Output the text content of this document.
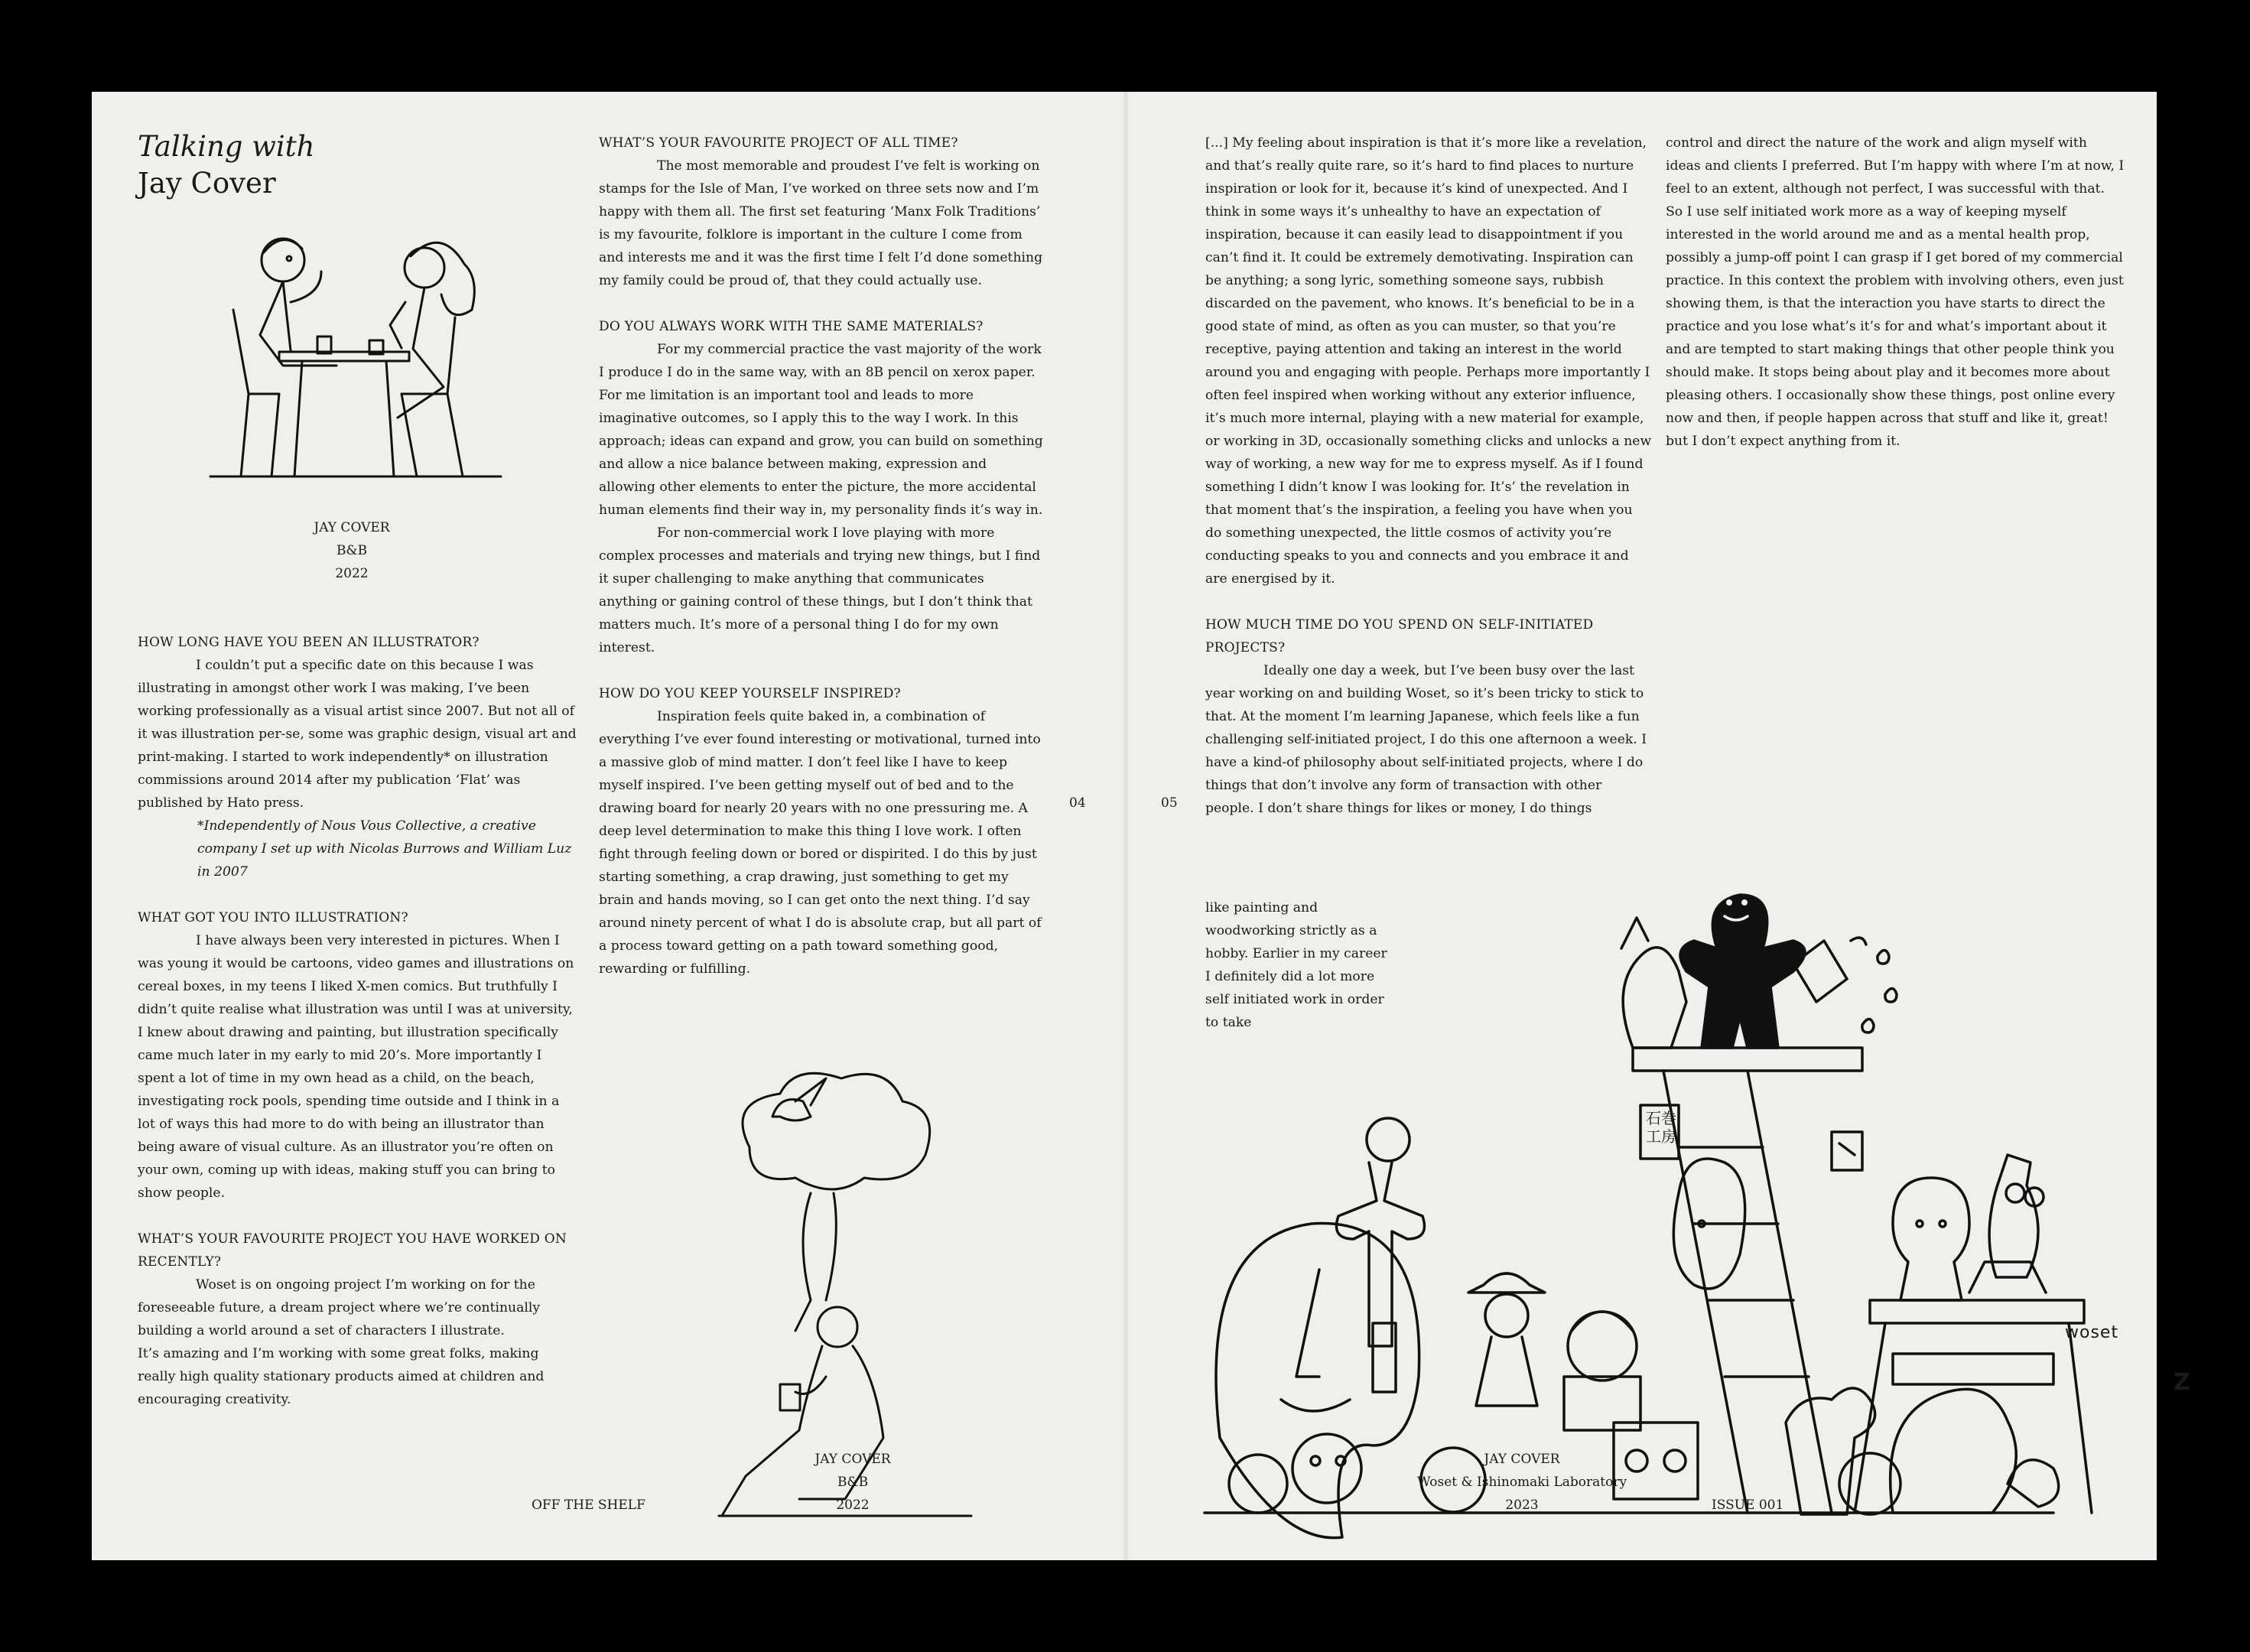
Talking with
Jay Cover
JAY COVER
B&B
2022
HOW LONG HAVE YOU BEEN AN ILLUSTRATOR?

I couldn’t put a specific date on this because I was illustrating in amongst other work I was making, I’ve been working professionally as a visual artist since 2007. But not all of it was illustration per-se, some was graphic design, visual art and print-making. I started to work independently* on illustration commissions around 2014 after my publication ‘Flat’ was published by Hato press.

*Independently of Nous Vous Collective, a creative company I set up with Nicolas Burrows and William Luz in 2007

WHAT GOT YOU INTO ILLUSTRATION?

I have always been very interested in pictures. When I was young it would be cartoons, video games and illustrations on cereal boxes, in my teens I liked X-men comics. But truthfully I didn’t quite realise what illustration was until I was at university, I knew about drawing and painting, but illustration specifically came much later in my early to mid 20’s. More importantly I spent a lot of time in my own head as a child, on the beach, investigating rock pools, spending time outside and I think in a lot of ways this had more to do with being an illustrator than being aware of visual culture. As an illustrator you’re often on your own, coming up with ideas, making stuff you can bring to show people.

WHAT’S YOUR FAVOURITE PROJECT YOU HAVE WORKED ON RECENTLY?

Woset is on ongoing project I’m working on for the foreseeable future, a dream project where we’re continually building a world around a set of characters I illustrate.

It’s amazing and I’m working with some great folks, making really high quality stationary products aimed at children and encouraging creativity.

WHAT’S YOUR FAVOURITE PROJECT OF ALL TIME?

The most memorable and proudest I’ve felt is working on stamps for the Isle of Man, I’ve worked on three sets now and I’m happy with them all. The first set featuring ‘Manx Folk Traditions’ is my favourite, folklore is important in the culture I come from and interests me and it was the first time I felt I’d done something my family could be proud of, that they could actually use.

DO YOU ALWAYS WORK WITH THE SAME MATERIALS?

For my commercial practice the vast majority of the work I produce I do in the same way, with an 8B pencil on xerox paper. For me limitation is an important tool and leads to more imaginative outcomes, so I apply this to the way I work. In this approach; ideas can expand and grow, you can build on something and allow a nice balance between making, expression and allowing other elements to enter the picture, the more accidental human elements find their way in, my personality finds it’s way in.

For non-commercial work I love playing with more complex processes and materials and trying new things, but I find it super challenging to make anything that communicates anything or gaining control of these things, but I don’t think that matters much. It’s more of a personal thing I do for my own interest.

HOW DO YOU KEEP YOURSELF INSPIRED?

Inspiration feels quite baked in, a combination of everything I’ve ever found interesting or motivational, turned into a massive glob of mind matter. I don’t feel like I have to keep myself inspired. I’ve been getting myself out of bed and to the drawing board for nearly 20 years with no one pressuring me. A deep level determination to make this thing I love work. I often fight through feeling down or bored or dispirited. I do this by just starting something, a crap drawing, just something to get my brain and hands moving, so I can get onto the next thing. I’d say around ninety percent of what I do is absolute crap, but all part of a process toward getting on a path toward something good, rewarding or fulfilling.

JAY COVER
B&B
2022
OFF THE SHELF
04	05

[...] My feeling about inspiration is that it’s more like a revelation, and that’s really quite rare, so it’s hard to find places to nurture inspiration or look for it, because it’s kind of unexpected. And I think in some ways it’s unhealthy to have an expectation of inspiration, because it can easily lead to disappointment if you can’t find it. It could be extremely demotivating. Inspiration can be anything; a song lyric, something someone says, rubbish discarded on the pavement, who knows. It’s beneficial to be in a good state of mind, as often as you can muster, so that you’re receptive, paying attention and taking an interest in the world around you and engaging with people. Perhaps more importantly I often feel inspired when working without any exterior influence, it’s much more internal, playing with a new material for example, or working in 3D, occasionally something clicks and unlocks a new way of working, a new way for me to express myself. As if I found something I didn’t know I was looking for. It’s’ the revelation in that moment that’s the inspiration, a feeling you have when you do something unexpected, the little cosmos of activity you’re conducting speaks to you and connects and you embrace it and are energised by it.

HOW MUCH TIME DO YOU SPEND ON SELF-INITIATED PROJECTS?

Ideally one day a week, but I’ve been busy over the last year working on and building Woset, so it’s been tricky to stick to that. At the moment I’m learning Japanese, which feels like a fun challenging self-initiated project, I do this one afternoon a week. I have a kind-of philosophy about self-initiated projects, where I do things that don’t involve any form of transaction with other people. I don’t share things for likes or money, I do things

like painting and woodworking strictly as a hobby. Earlier in my career I definitely did a lot more self initiated work in order to take

control and direct the nature of the work and align myself with ideas and clients I preferred. But I’m happy with where I’m at now, I feel to an extent, although not perfect, I was successful with that. So I use self initiated work more as a way of keeping myself interested in the world around me and as a mental health prop, possibly a jump-off point I can grasp if I get bored of my commercial practice. In this context the problem with involving others, even just showing them, is that the interaction you have starts to direct the practice and you lose what’s it’s for and what’s important about it and are tempted to start making things that other people think you should make. It stops being about play and it becomes more about pleasing others. I occasionally show these things, post online every now and then, if people happen across that stuff and like it, great! but I don’t expect anything from it.

woset
石巻
工房
Z
JAY COVER
Woset & Ishinomaki Laboratory
2023	ISSUE 001
